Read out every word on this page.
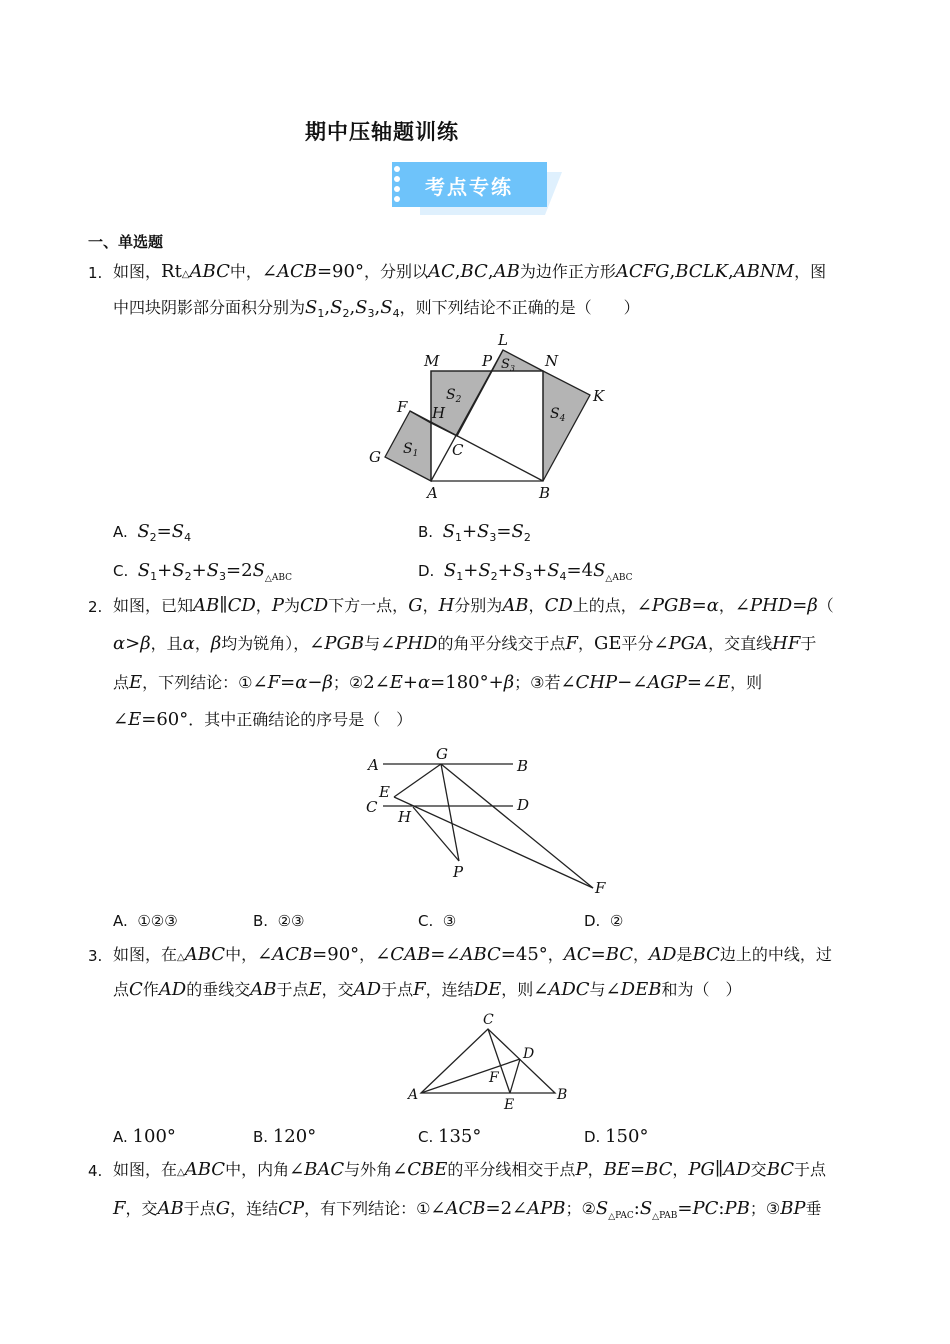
期中压轴题训练
考点专练
一、单选题
1. 如图，Rt△ABC中，∠ACB=90°，分别以AC,BC,AB为边作正方形ACFG,BCLK,ABNM，图
中四块阴影部分面积分别为$S_1,S_2,S_3,S_4$，则下列结论不正确的是（　　）
L
M	P	N
K
F H
C
G
A	B
$S_3$
$S_2$
$S_4$
$S_1$
A. $S_2=S_4$	B. $S_1+S_3=S_2$
C. $S_1+S_2+S_3=2S_{\triangle ABC}$	D. $S_1+S_2+S_3+S_4=4S_{\triangle ABC}$
2. 如图，已知AB∥CD，P为CD下方一点，G，H分别为AB，CD上的点，∠PGB=α，∠PHD=β（
α>β，且α，β均为锐角），∠PGB与∠PHD的角平分线交于点F，GE平分∠PGA，交直线HF于
点E，下列结论：①∠F=α−β；②2∠E+α=180°+β；③若∠CHP−∠AGP=∠E，则
∠E=60°．其中正确结论的序号是（　）
A
G
B
E
C	D
H
P
F
A. ①②③	B. ②③	C. ③	D. ②
3. 如图，在△ABC中，∠ACB=90°，∠CAB=∠ABC=45°，AC=BC，AD是BC边上的中线，过
点C作AD的垂线交AB于点E，交AD于点F，连结DE，则∠ADC与∠DEB和为（　）
C
D
F
A
E
B
A. 100°	B. 120°	C. 135°	D. 150°
4. 如图，在△ABC中，内角∠BAC与外角∠CBE的平分线相交于点P，BE=BC，PG∥AD交BC于点
F，交AB于点G，连结CP，有下列结论：①∠ACB=2∠APB；$②S_{\triangle PAC}:S_{\triangle PAB}=PC:PB$；③BP垂
